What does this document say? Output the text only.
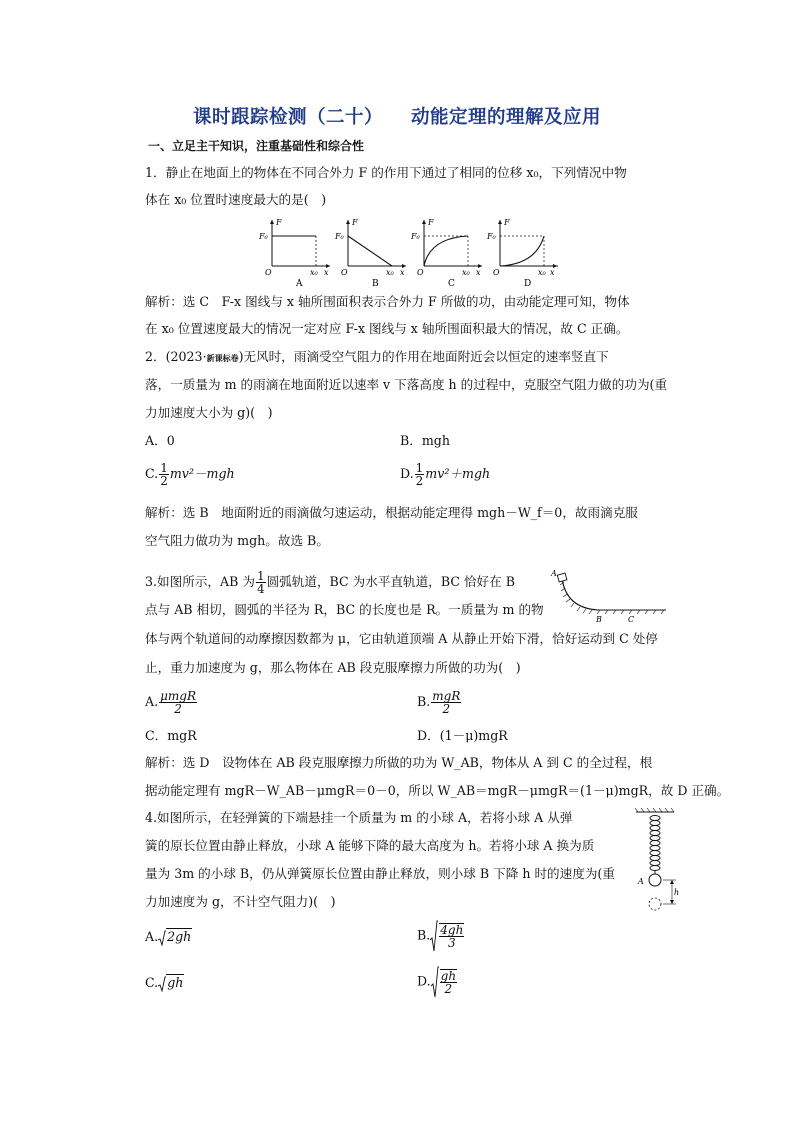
课时跟踪检测（二十） 动能定理的理解及应用
一、立足主干知识，注重基础性和综合性
1．静止在地面上的物体在不同合外力 F 的作用下通过了相同的位移 x₀，下列情况中物
体在 x₀ 位置时速度最大的是(　)
F
F₀
O	x₀ x
A
F
F₀
O	x₀ x
B
F
F₀
O	x₀ x
C
F
F₀
O	x₀ x
D
解析：选 C　F-x 图线与 x 轴所围面积表示合外力 F 所做的功，由动能定理可知，物体
在 x₀ 位置速度最大的情况一定对应 F-x 图线与 x 轴所围面积最大的情况，故 C 正确。
2．(2023·新课标卷)无风时，雨滴受空气阻力的作用在地面附近会以恒定的速率竖直下
落，一质量为 m 的雨滴在地面附近以速率 v 下落高度 h 的过程中，克服空气阻力做的功为(重
力加速度大小为 g)(　)
A．0	B．mgh
C. $\frac{1}{2} mv^2-mgh$	D. $\frac{1}{2} mv^2+mgh$
解析：选 B　地面附近的雨滴做匀速运动，根据动能定理得 mgh－W_f＝0，故雨滴克服
空气阻力做功为 mgh。故选 B。
3.如图所示，AB 为 $\frac{1}{4}$ 圆弧轨道，BC 为水平直轨道，BC 恰好在 B
点与 AB 相切，圆弧的半径为 R，BC 的长度也是 R。一质量为 m 的物
体与两个轨道间的动摩擦因数都为 μ，它由轨道顶端 A 从静止开始下滑，恰好运动到 C 处停
止，重力加速度为 g，那么物体在 AB 段克服摩擦力所做的功为(　)
A
B	C
A. $\frac{\text{μmgR}}{2}$	B. $\frac{\text{mgR}}{2}$
C．mgR	D．(1－μ)mgR
解析：选 D　设物体在 AB 段克服摩擦力所做的功为 W_AB，物体从 A 到 C 的全过程，根
据动能定理有 mgR－W_AB－μmgR＝0－0，所以 W_AB＝mgR－μmgR＝(1－μ)mgR，故 D 正确。
4.如图所示，在轻弹簧的下端悬挂一个质量为 m 的小球 A，若将小球 A 从弹
簧的原长位置由静止释放，小球 A 能够下降的最大高度为 h。若将小球 A 换为质
量为 3m 的小球 B，仍从弹簧原长位置由静止释放，则小球 B 下降 h 时的速度为(重
力加速度为 g，不计空气阻力)(　)
A
h
A. 2gh	B. $\frac{4gh}{3}$
C. gh	D. $\frac{gh}{2}$
